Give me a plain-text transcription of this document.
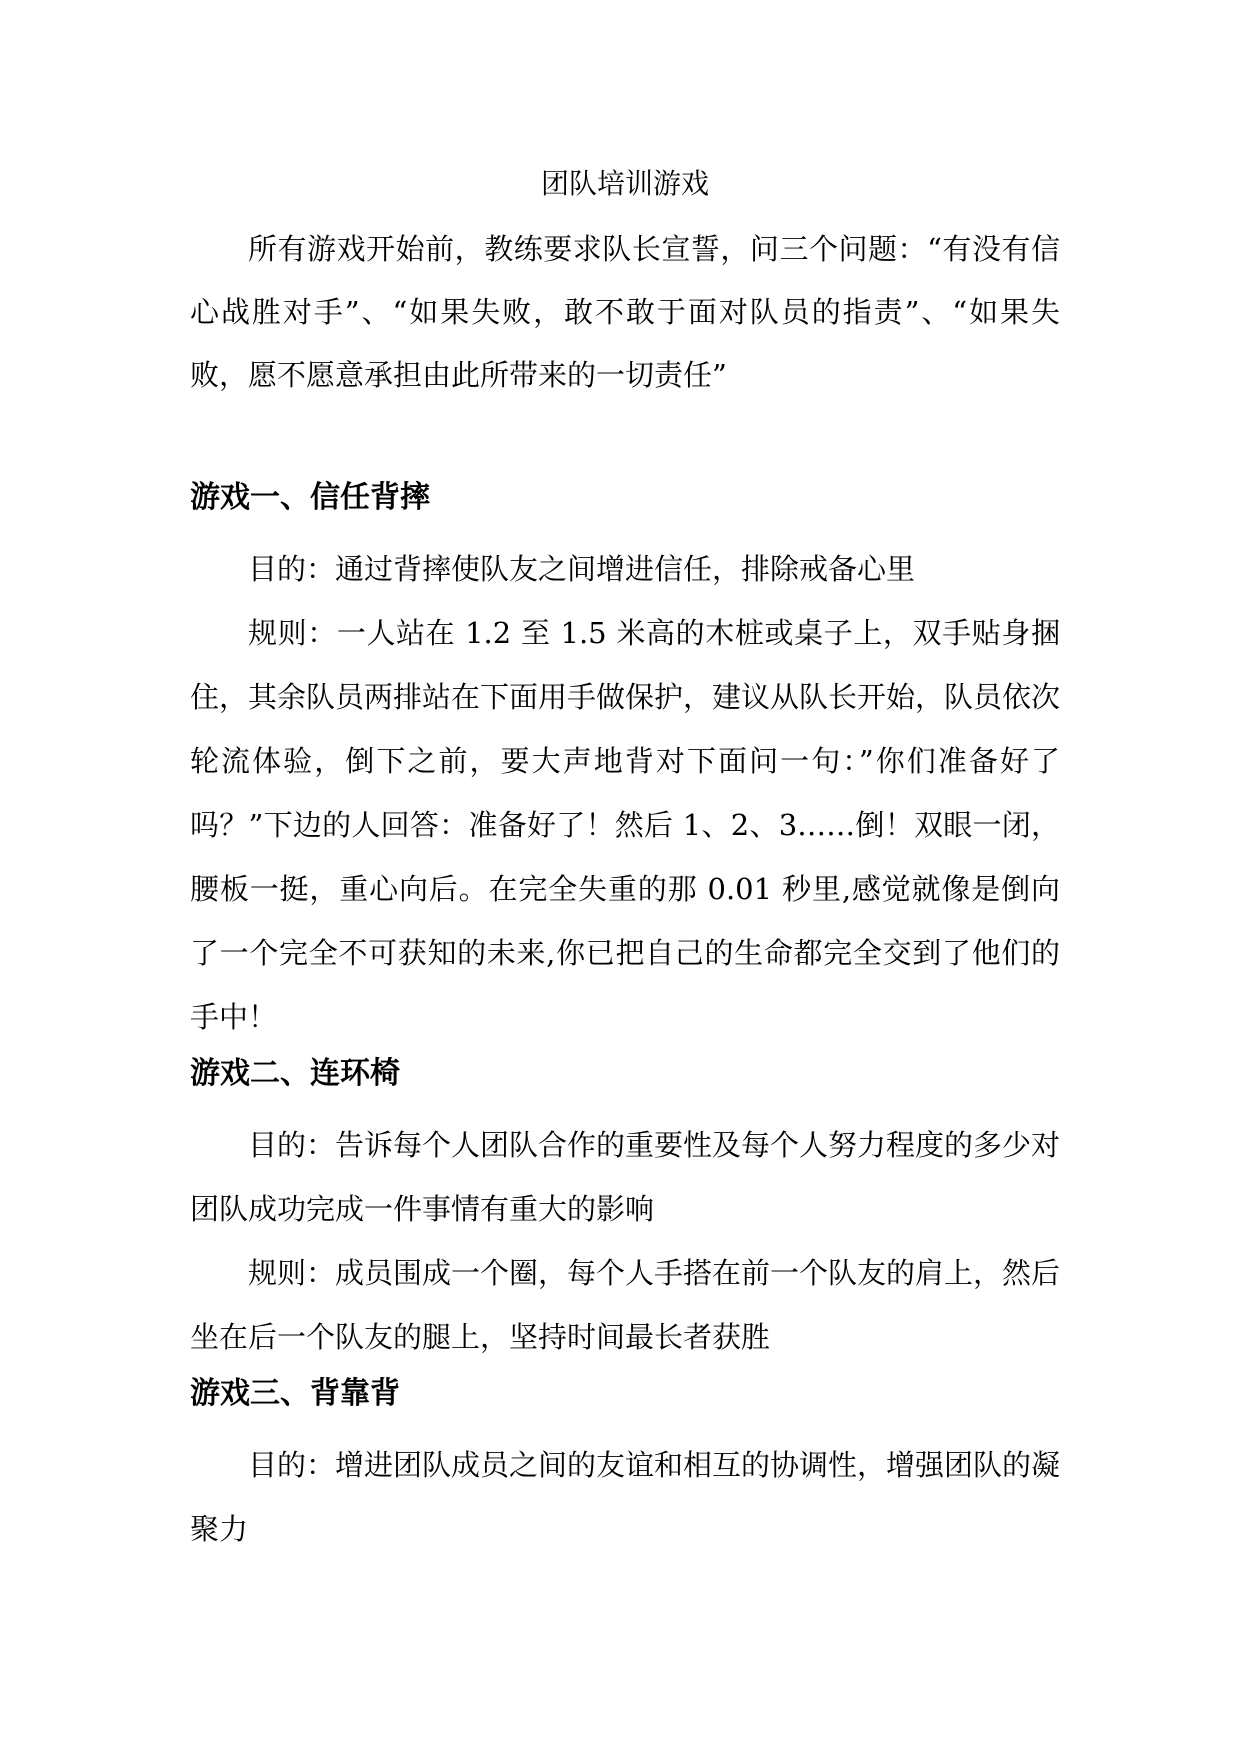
团队培训游戏

所有游戏开始前，教练要求队长宣誓，问三个问题：“有没有信心战胜对手”、“如果失败，敢不敢于面对队员的指责”、“如果失败，愿不愿意承担由此所带来的一切责任”

游戏一、信任背摔

目的：通过背摔使队友之间增进信任，排除戒备心里

规则：一人站在 1.2 至 1.5 米高的木桩或桌子上，双手贴身捆住，其余队员两排站在下面用手做保护，建议从队长开始，队员依次轮流体验，倒下之前，要大声地背对下面问一句：”你们准备好了吗？”下边的人回答：准备好了！然后 1、2、3……倒！双眼一闭，腰板一挺，重心向后。在完全失重的那 0.01 秒里,感觉就像是倒向了一个完全不可获知的未来,你已把自己的生命都完全交到了他们的手中！

游戏二、连环椅

目的：告诉每个人团队合作的重要性及每个人努力程度的多少对团队成功完成一件事情有重大的影响

规则：成员围成一个圈，每个人手搭在前一个队友的肩上，然后坐在后一个队友的腿上，坚持时间最长者获胜

游戏三、背靠背

目的：增进团队成员之间的友谊和相互的协调性，增强团队的凝聚力
